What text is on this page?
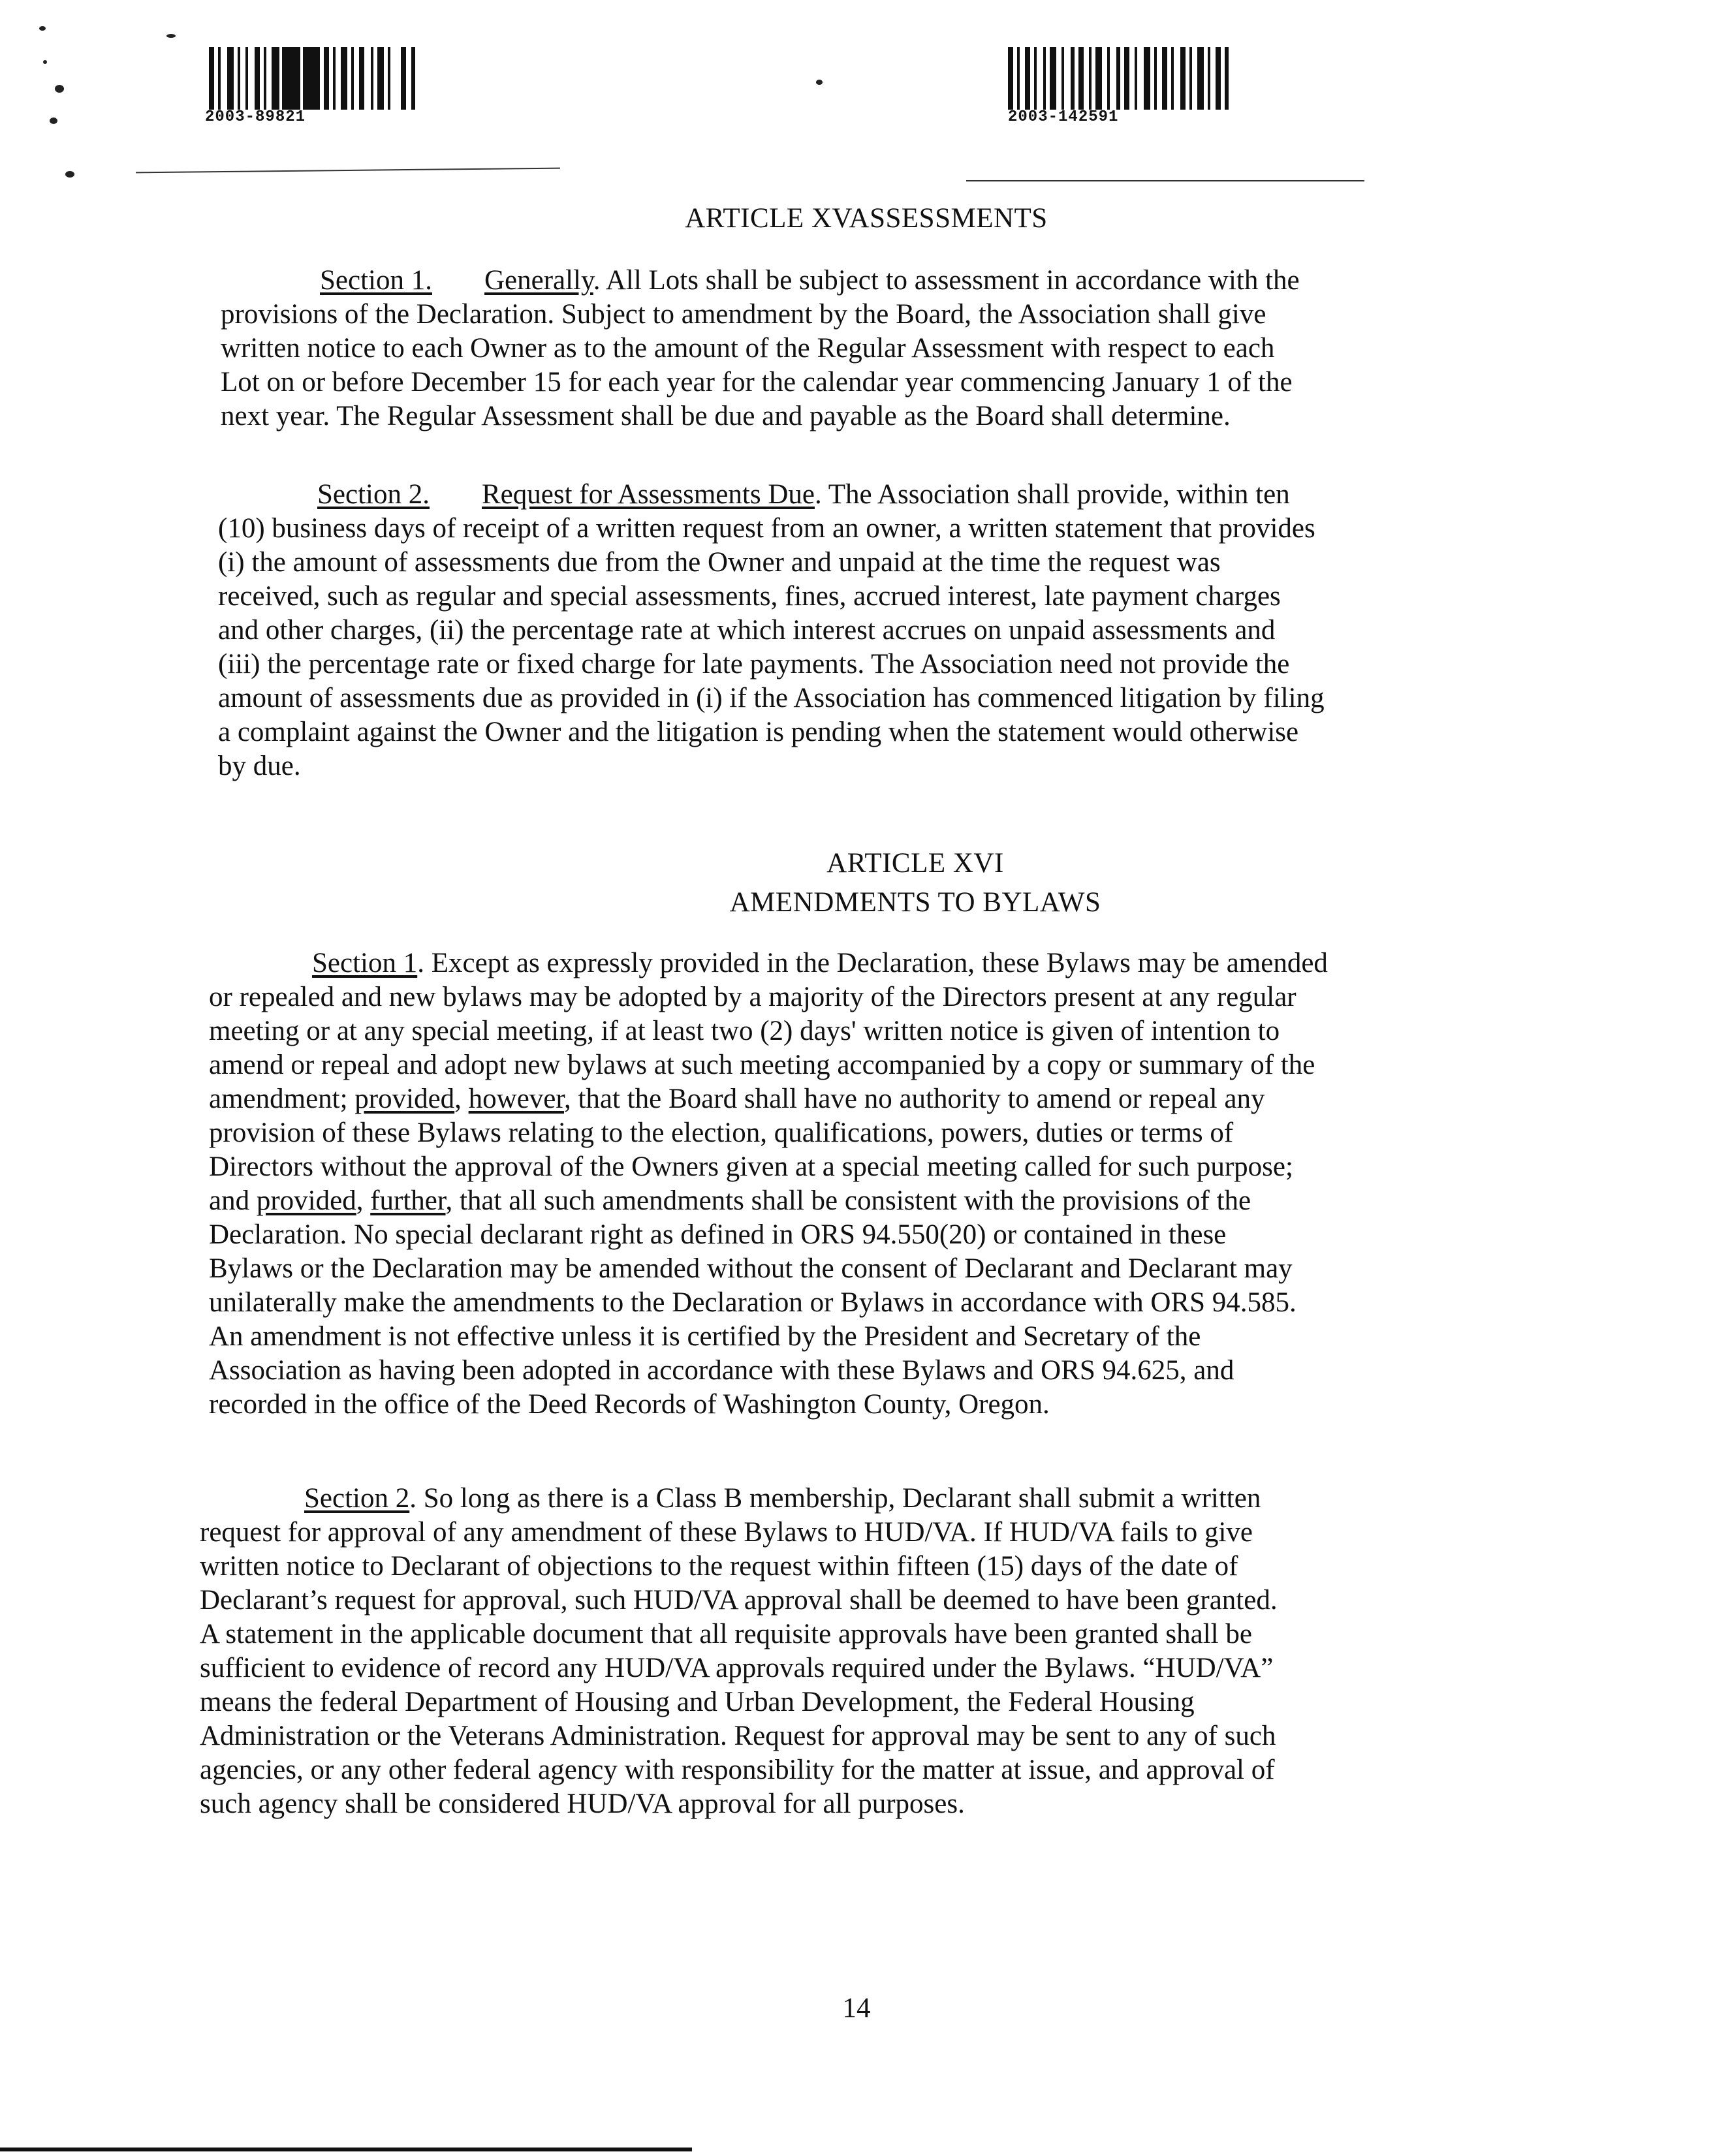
2003-89821	2003-142591
ARTICLE XVASSESSMENTS
Section 1. Generally. All Lots shall be subject to assessment in accordance with the
provisions of the Declaration. Subject to amendment by the Board, the Association shall give
written notice to each Owner as to the amount of the Regular Assessment with respect to each
Lot on or before December 15 for each year for the calendar year commencing January 1 of the
next year. The Regular Assessment shall be due and payable as the Board shall determine.
Section 2. Request for Assessments Due. The Association shall provide, within ten
(10) business days of receipt of a written request from an owner, a written statement that provides
(i) the amount of assessments due from the Owner and unpaid at the time the request was
received, such as regular and special assessments, fines, accrued interest, late payment charges
and other charges, (ii) the percentage rate at which interest accrues on unpaid assessments and
(iii) the percentage rate or fixed charge for late payments. The Association need not provide the
amount of assessments due as provided in (i) if the Association has commenced litigation by filing
a complaint against the Owner and the litigation is pending when the statement would otherwise
by due.
ARTICLE XVI
AMENDMENTS TO BYLAWS
Section 1. Except as expressly provided in the Declaration, these Bylaws may be amended
or repealed and new bylaws may be adopted by a majority of the Directors present at any regular
meeting or at any special meeting, if at least two (2) days' written notice is given of intention to
amend or repeal and adopt new bylaws at such meeting accompanied by a copy or summary of the
amendment; provided, however, that the Board shall have no authority to amend or repeal any
provision of these Bylaws relating to the election, qualifications, powers, duties or terms of
Directors without the approval of the Owners given at a special meeting called for such purpose;
and provided, further, that all such amendments shall be consistent with the provisions of the
Declaration. No special declarant right as defined in ORS 94.550(20) or contained in these
Bylaws or the Declaration may be amended without the consent of Declarant and Declarant may
unilaterally make the amendments to the Declaration or Bylaws in accordance with ORS 94.585.
An amendment is not effective unless it is certified by the President and Secretary of the
Association as having been adopted in accordance with these Bylaws and ORS 94.625, and
recorded in the office of the Deed Records of Washington County, Oregon.
Section 2. So long as there is a Class B membership, Declarant shall submit a written
request for approval of any amendment of these Bylaws to HUD/VA. If HUD/VA fails to give
written notice to Declarant of objections to the request within fifteen (15) days of the date of
Declarant’s request for approval, such HUD/VA approval shall be deemed to have been granted.
A statement in the applicable document that all requisite approvals have been granted shall be
sufficient to evidence of record any HUD/VA approvals required under the Bylaws. “HUD/VA”
means the federal Department of Housing and Urban Development, the Federal Housing
Administration or the Veterans Administration. Request for approval may be sent to any of such
agencies, or any other federal agency with responsibility for the matter at issue, and approval of
such agency shall be considered HUD/VA approval for all purposes.
14
